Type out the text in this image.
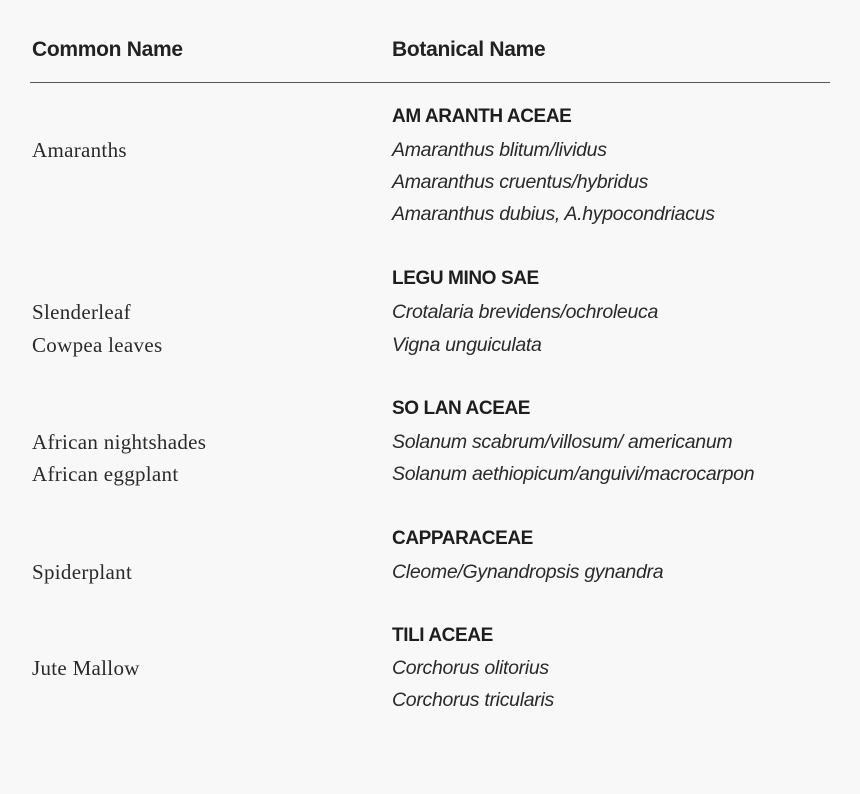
Common Name	Botanical Name
AM ARANTH ACEAE
Amaranths	Amaranthus blitum/lividus
Amaranthus cruentus/hybridus
Amaranthus dubius, A.hypocondriacus
LEGU MINO SAE
Slenderleaf	Crotalaria brevidens/ochroleuca
Cowpea leaves	Vigna unguiculata
SO LAN ACEAE
African nightshades	Solanum scabrum/villosum/ americanum
African eggplant	Solanum aethiopicum/anguivi/macrocarpon
CAPPARACEAE
Spiderplant	Cleome/Gynandropsis gynandra
TILI ACEAE
Jute Mallow	Corchorus olitorius
Corchorus tricularis
